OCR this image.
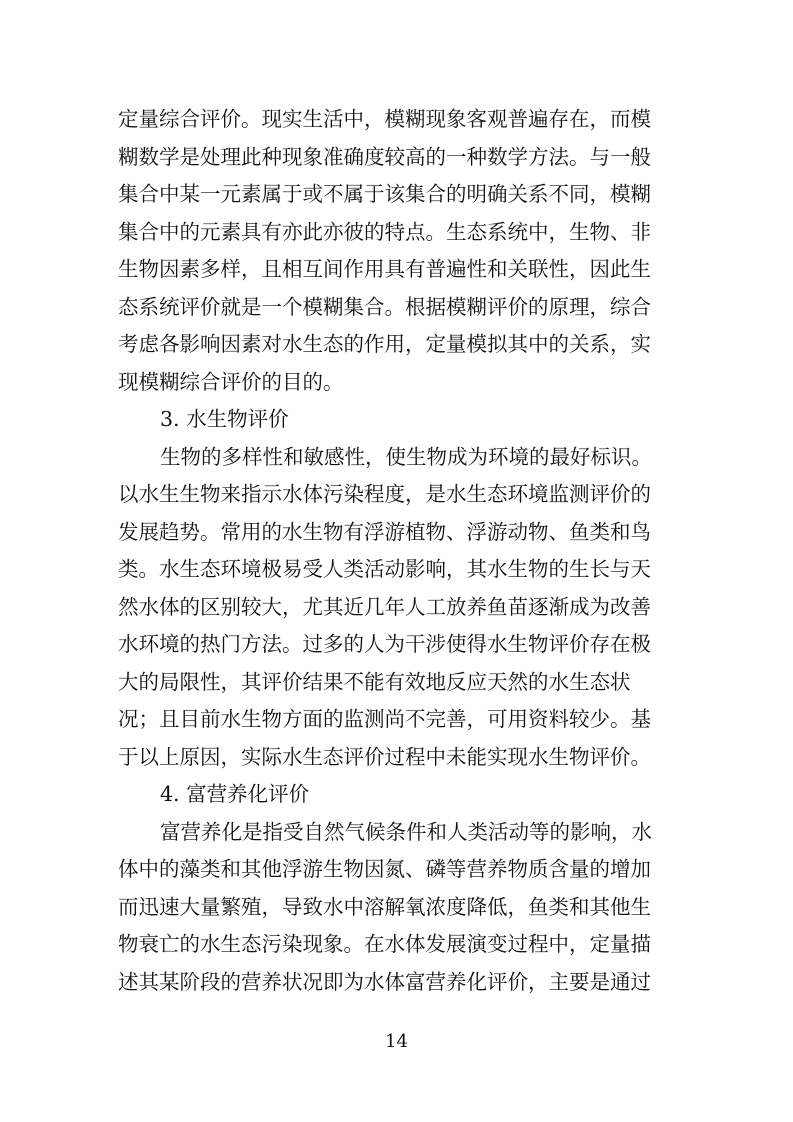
定量综合评价。现实生活中，模糊现象客观普遍存在，而模
糊数学是处理此种现象准确度较高的一种数学方法。与一般
集合中某一元素属于或不属于该集合的明确关系不同，模糊
集合中的元素具有亦此亦彼的特点。生态系统中，生物、非
生物因素多样，且相互间作用具有普遍性和关联性，因此生
态系统评价就是一个模糊集合。根据模糊评价的原理，综合
考虑各影响因素对水生态的作用，定量模拟其中的关系，实
现模糊综合评价的目的。
3. 水生物评价
生物的多样性和敏感性，使生物成为环境的最好标识。
以水生生物来指示水体污染程度，是水生态环境监测评价的
发展趋势。常用的水生物有浮游植物、浮游动物、鱼类和鸟
类。水生态环境极易受人类活动影响，其水生物的生长与天
然水体的区别较大，尤其近几年人工放养鱼苗逐渐成为改善
水环境的热门方法。过多的人为干涉使得水生物评价存在极
大的局限性，其评价结果不能有效地反应天然的水生态状
况；且目前水生物方面的监测尚不完善，可用资料较少。基
于以上原因，实际水生态评价过程中未能实现水生物评价。
4. 富营养化评价
富营养化是指受自然气候条件和人类活动等的影响，水
体中的藻类和其他浮游生物因氮、磷等营养物质含量的增加
而迅速大量繁殖，导致水中溶解氧浓度降低，鱼类和其他生
物衰亡的水生态污染现象。在水体发展演变过程中，定量描
述其某阶段的营养状况即为水体富营养化评价，主要是通过
14
